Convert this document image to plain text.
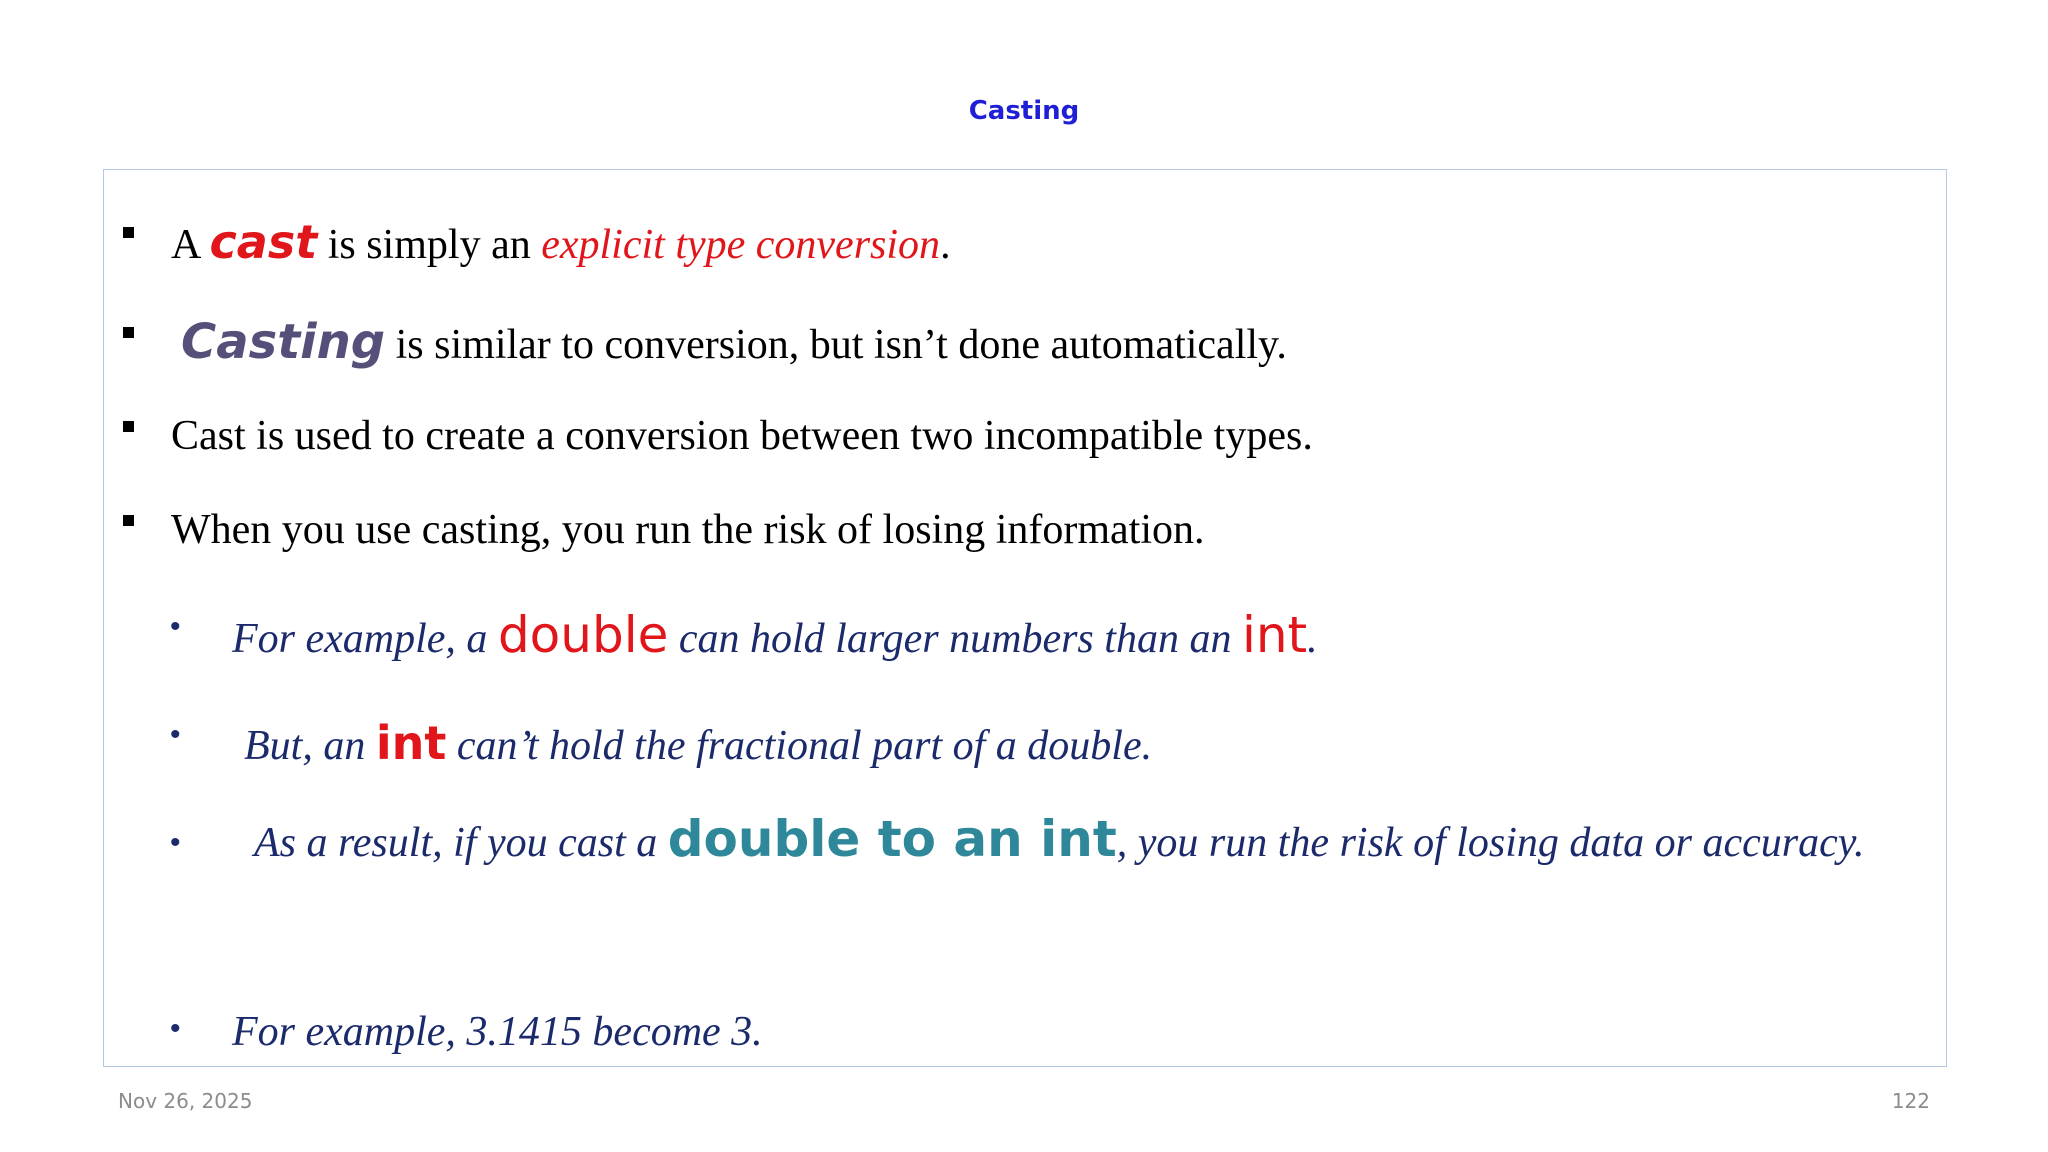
Casting
A cast is simply an explicit type conversion.
Casting is similar to conversion, but isn’t done automatically.
Cast is used to create a conversion between two incompatible types.
When you use casting, you run the risk of losing information.
• For example, a double can hold larger numbers than an int.
• But, an int can’t hold the fractional part of a double.
•	As a result, if you cast a double to an int, you run the risk of losing data or accuracy.
• For example, 3.1415 become 3.
Nov 26, 2025	122
